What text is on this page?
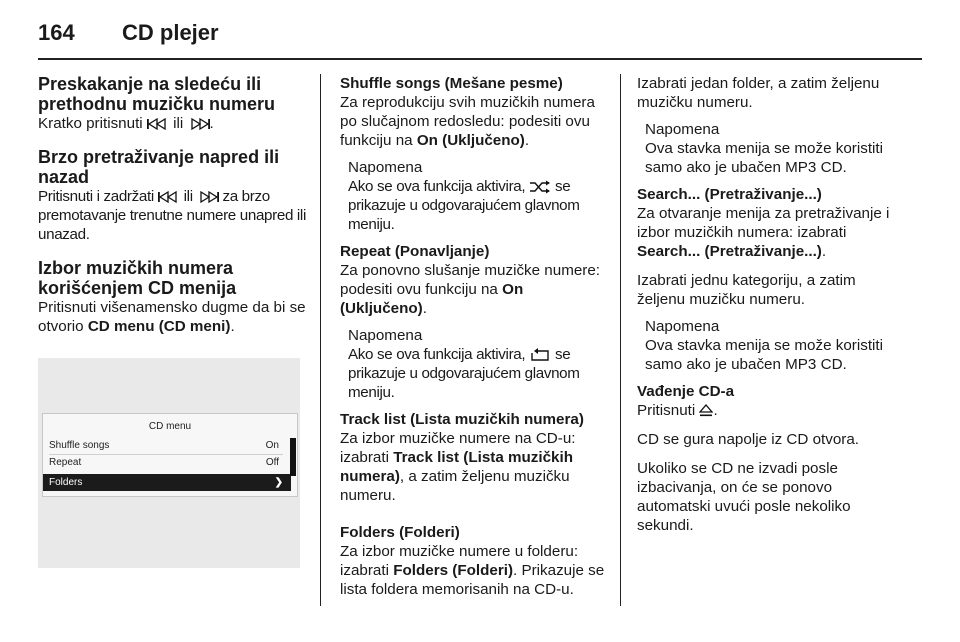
164	CD plejer
Preskakanje na sledeću ili prethodnu muzičku numeru

Kratko pritisnuti ili .

Brzo pretraživanje napred ili nazad

Pritisnuti i zadržati ili za brzo premotavanje trenutne numere unapred ili unazad.

Izbor muzičkih numera korišćenjem CD menija

Pritisnuti višenamensko dugme da bi se otvorio CD menu (CD meni).

CD menu
Shuffle songs	On
Repeat	Off
Folders	❯

Shuffle songs (Mešane pesme)

Za reprodukciju svih muzičkih numera po slučajnom redosledu: podesiti ovu funkciju na On (Uključeno).

Napomena

Ako se ova funkcija aktivira, se prikazuje u odgovarajućem glavnom meniju.

Repeat (Ponavljanje)

Za ponovno slušanje muzičke numere: podesiti ovu funkciju na On (Uključeno).

Napomena

Ako se ova funkcija aktivira, se prikazuje u odgovarajućem glavnom meniju.

Track list (Lista muzičkih numera)

Za izbor muzičke numere na CD-u: izabrati Track list (Lista muzičkih numera), a zatim željenu muzičku numeru.

Folders (Folderi)

Za izbor muzičke numere u folderu: izabrati Folders (Folderi). Prikazuje se lista foldera memorisanih na CD-u.

Izabrati jedan folder, a zatim željenu muzičku numeru.

Napomena

Ova stavka menija se može koristiti samo ako je ubačen MP3 CD.

Search... (Pretraživanje...)

Za otvaranje menija za pretraživanje i izbor muzičkih numera: izabrati Search... (Pretraživanje...).

Izabrati jednu kategoriju, a zatim željenu muzičku numeru.

Napomena

Ova stavka menija se može koristiti samo ako je ubačen MP3 CD.

Vađenje CD-a

Pritisnuti .

CD se gura napolje iz CD otvora.

Ukoliko se CD ne izvadi posle izbacivanja, on će se ponovo automatski uvući posle nekoliko sekundi.
